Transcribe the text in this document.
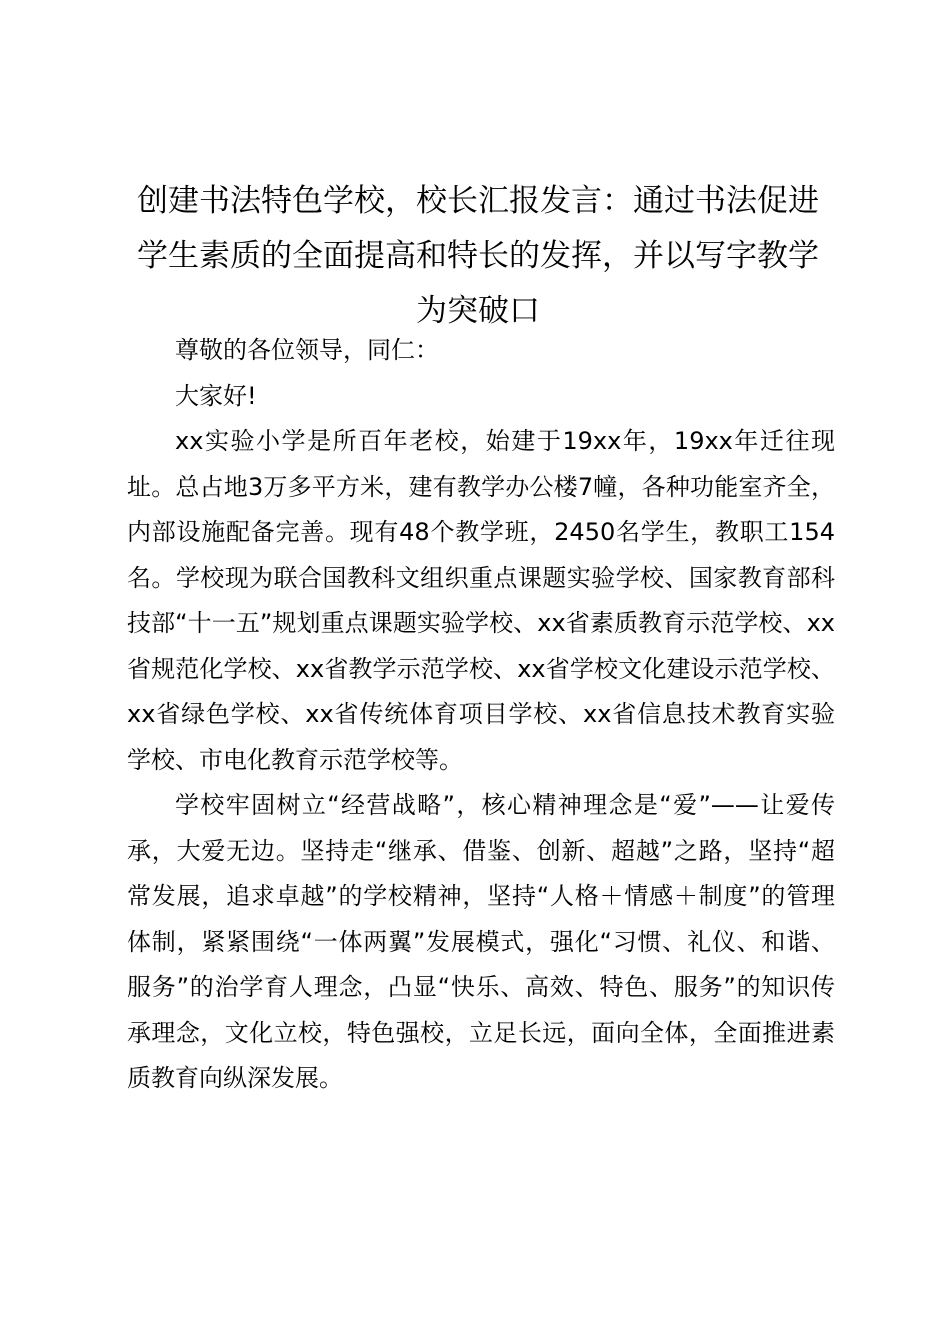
创建书法特色学校，校长汇报发言：通过书法促进学生素质的全面提高和特长的发挥，并以写字教学为突破口

尊敬的各位领导，同仁：

大家好!

xx实验小学是所百年老校，始建于19xx年，19xx年迁往现址。总占地3万多平方米，建有教学办公楼7幢，各种功能室齐全，内部设施配备完善。现有48个教学班，2450名学生，教职工154名。学校现为联合国教科文组织重点课题实验学校、国家教育部科技部“十一五”规划重点课题实验学校、xx省素质教育示范学校、xx省规范化学校、xx省教学示范学校、xx省学校文化建设示范学校、xx省绿色学校、xx省传统体育项目学校、xx省信息技术教育实验学校、市电化教育示范学校等。

学校牢固树立“经营战略”，核心精神理念是“爱”——让爱传承，大爱无边。坚持走“继承、借鉴、创新、超越”之路，坚持“超常发展，追求卓越”的学校精神，坚持“人格＋情感＋制度”的管理体制，紧紧围绕“一体两翼”发展模式，强化“习惯、礼仪、和谐、服务”的治学育人理念，凸显“快乐、高效、特色、服务”的知识传承理念，文化立校，特色强校，立足长远，面向全体，全面推进素质教育向纵深发展。
